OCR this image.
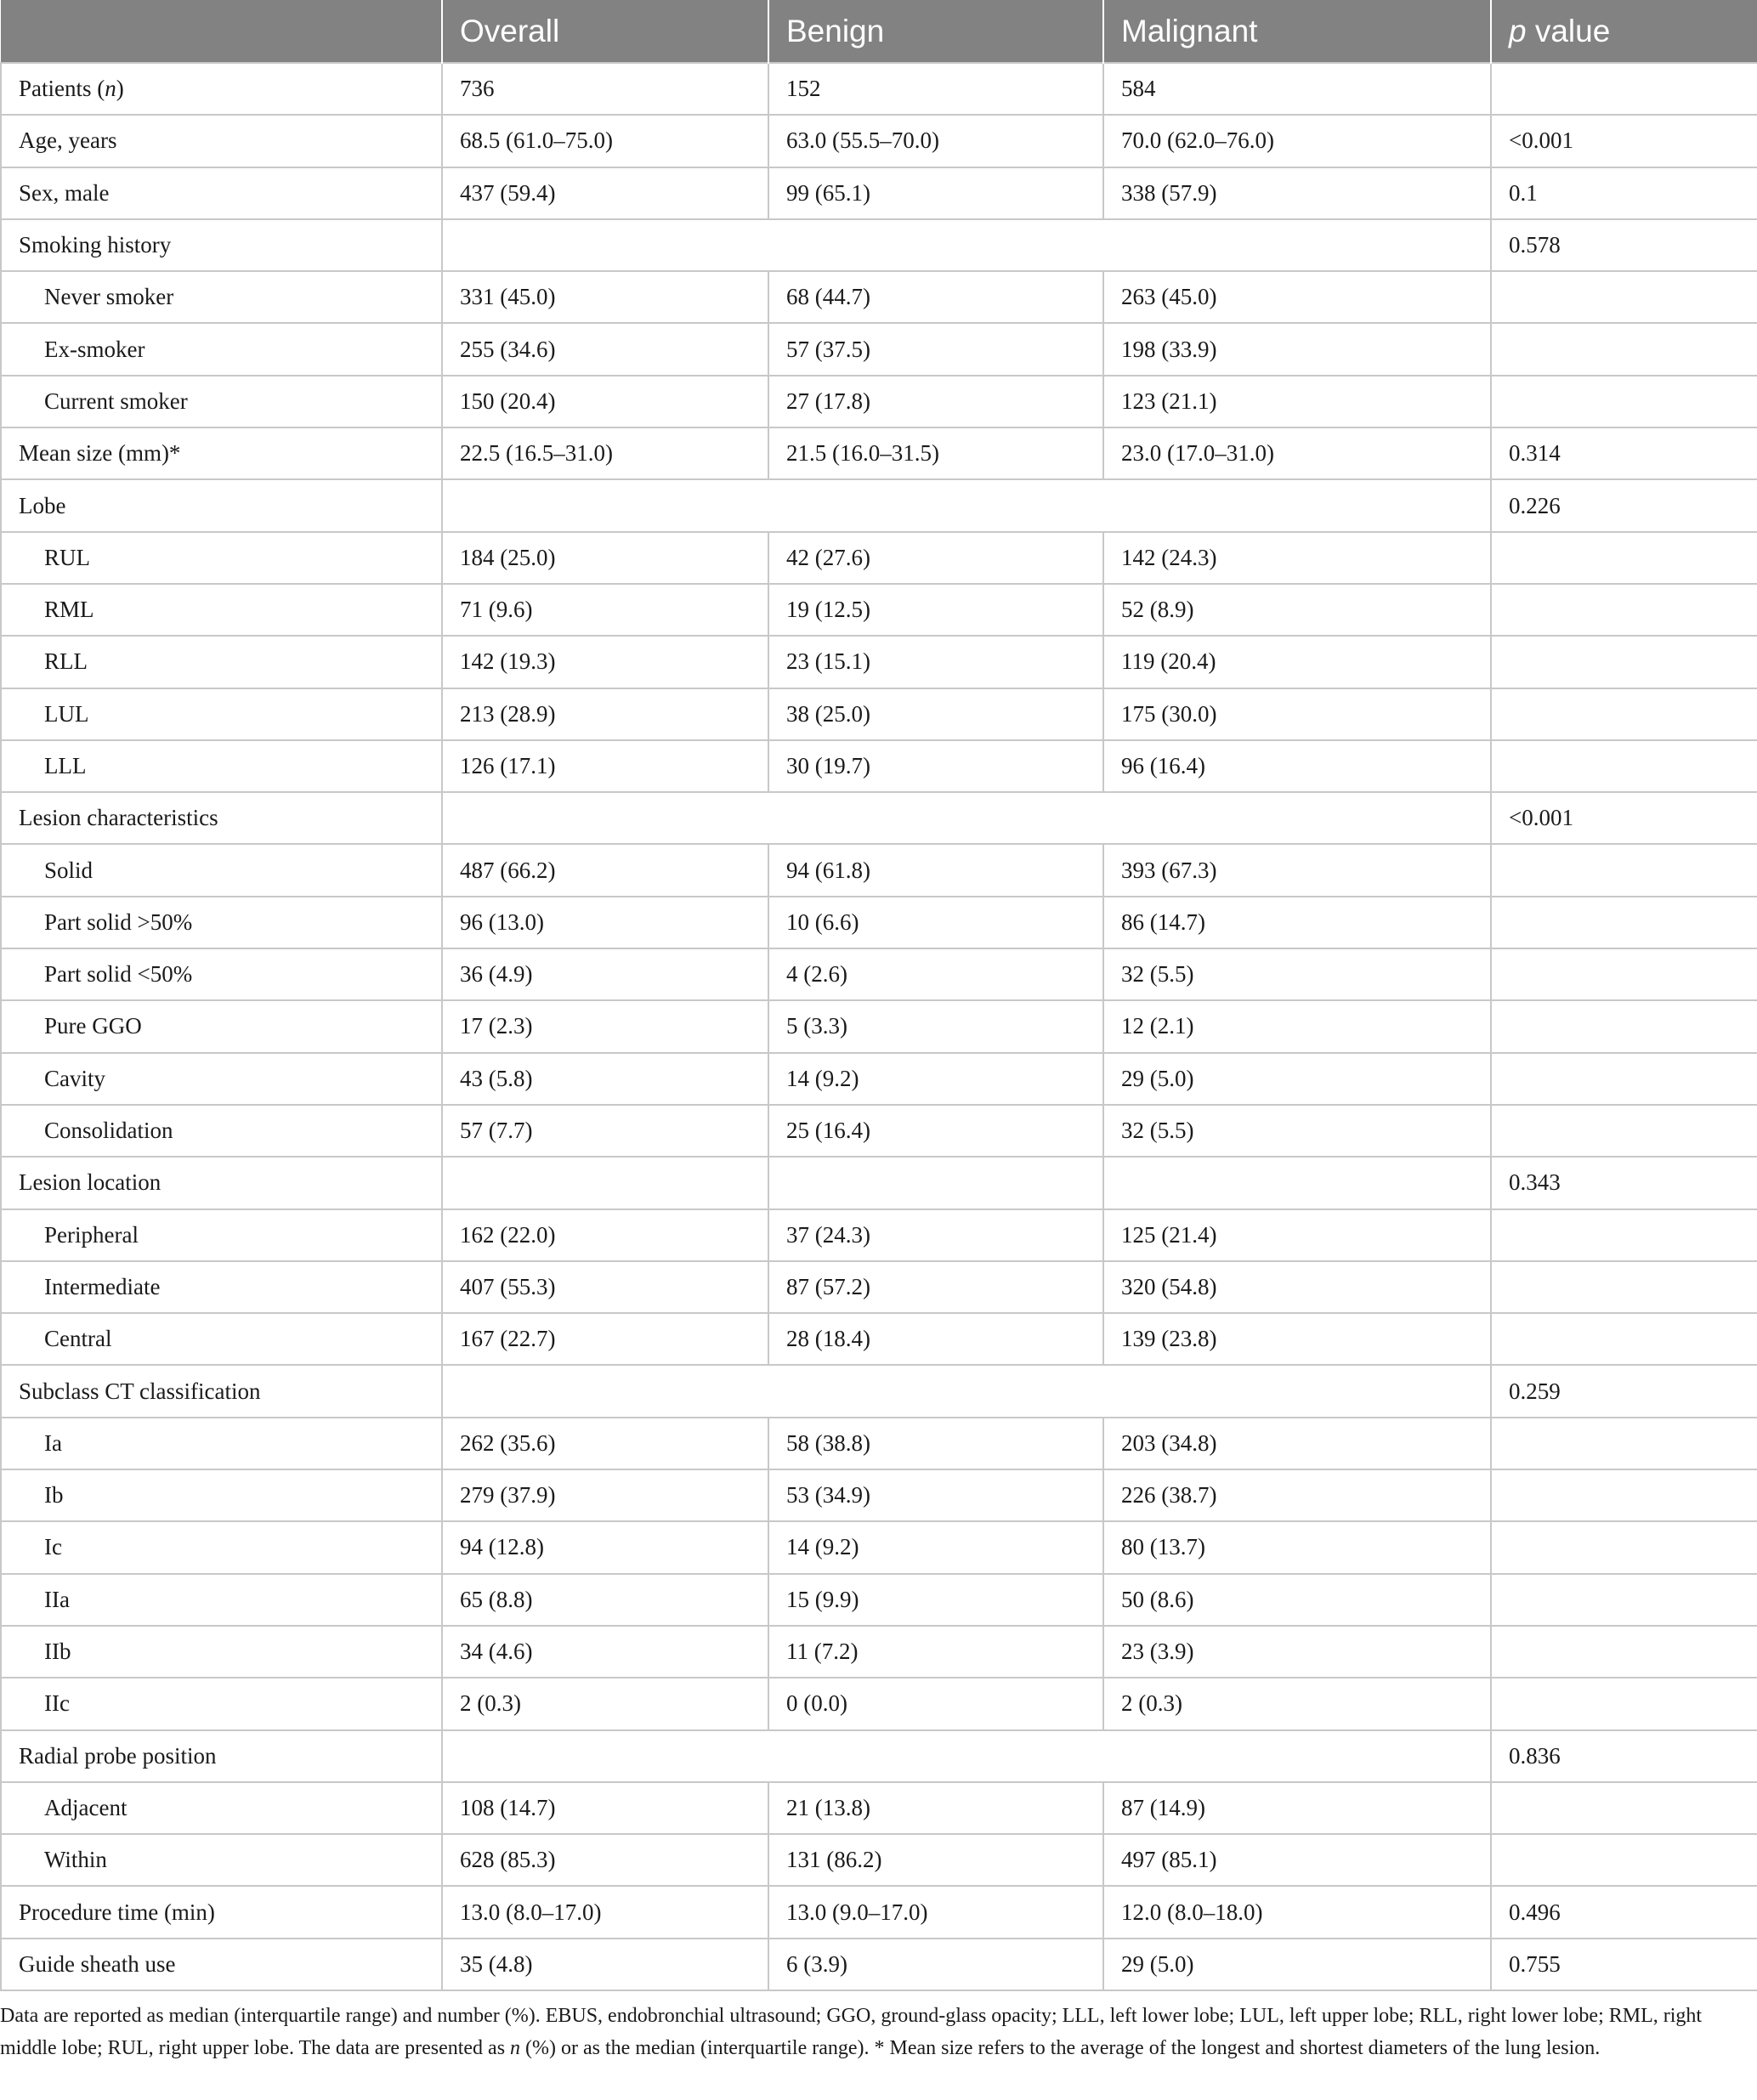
	Overall	Benign	Malignant	p value
Patients (n)	736	152	584	
Age, years	68.5 (61.0–75.0)	63.0 (55.5–70.0)	70.0 (62.0–76.0)	<0.001
Sex, male	437 (59.4)	99 (65.1)	338 (57.9)	0.1
Smoking history				0.578
Never smoker	331 (45.0)	68 (44.7)	263 (45.0)	
Ex-smoker	255 (34.6)	57 (37.5)	198 (33.9)	
Current smoker	150 (20.4)	27 (17.8)	123 (21.1)	
Mean size (mm)*	22.5 (16.5–31.0)	21.5 (16.0–31.5)	23.0 (17.0–31.0)	0.314
Lobe				0.226
RUL	184 (25.0)	42 (27.6)	142 (24.3)	
RML	71 (9.6)	19 (12.5)	52 (8.9)	
RLL	142 (19.3)	23 (15.1)	119 (20.4)	
LUL	213 (28.9)	38 (25.0)	175 (30.0)	
LLL	126 (17.1)	30 (19.7)	96 (16.4)	
Lesion characteristics				<0.001
Solid	487 (66.2)	94 (61.8)	393 (67.3)	
Part solid >50%	96 (13.0)	10 (6.6)	86 (14.7)	
Part solid <50%	36 (4.9)	4 (2.6)	32 (5.5)	
Pure GGO	17 (2.3)	5 (3.3)	12 (2.1)	
Cavity	43 (5.8)	14 (9.2)	29 (5.0)	
Consolidation	57 (7.7)	25 (16.4)	32 (5.5)	
Lesion location				0.343
Peripheral	162 (22.0)	37 (24.3)	125 (21.4)	
Intermediate	407 (55.3)	87 (57.2)	320 (54.8)	
Central	167 (22.7)	28 (18.4)	139 (23.8)	
Subclass CT classification				0.259
Ia	262 (35.6)	58 (38.8)	203 (34.8)	
Ib	279 (37.9)	53 (34.9)	226 (38.7)	
Ic	94 (12.8)	14 (9.2)	80 (13.7)	
IIa	65 (8.8)	15 (9.9)	50 (8.6)	
IIb	34 (4.6)	11 (7.2)	23 (3.9)	
IIc	2 (0.3)	0 (0.0)	2 (0.3)	
Radial probe position				0.836
Adjacent	108 (14.7)	21 (13.8)	87 (14.9)	
Within	628 (85.3)	131 (86.2)	497 (85.1)	
Procedure time (min)	13.0 (8.0–17.0)	13.0 (9.0–17.0)	12.0 (8.0–18.0)	0.496
Guide sheath use	35 (4.8)	6 (3.9)	29 (5.0)	0.755
Data are reported as median (interquartile range) and number (%). EBUS, endobronchial ultrasound; GGO, ground-glass opacity; LLL, left lower lobe; LUL, left upper lobe; RLL, right lower lobe; RML, right middle lobe; RUL, right upper lobe. The data are presented as n (%) or as the median (interquartile range). * Mean size refers to the average of the longest and shortest diameters of the lung lesion.
